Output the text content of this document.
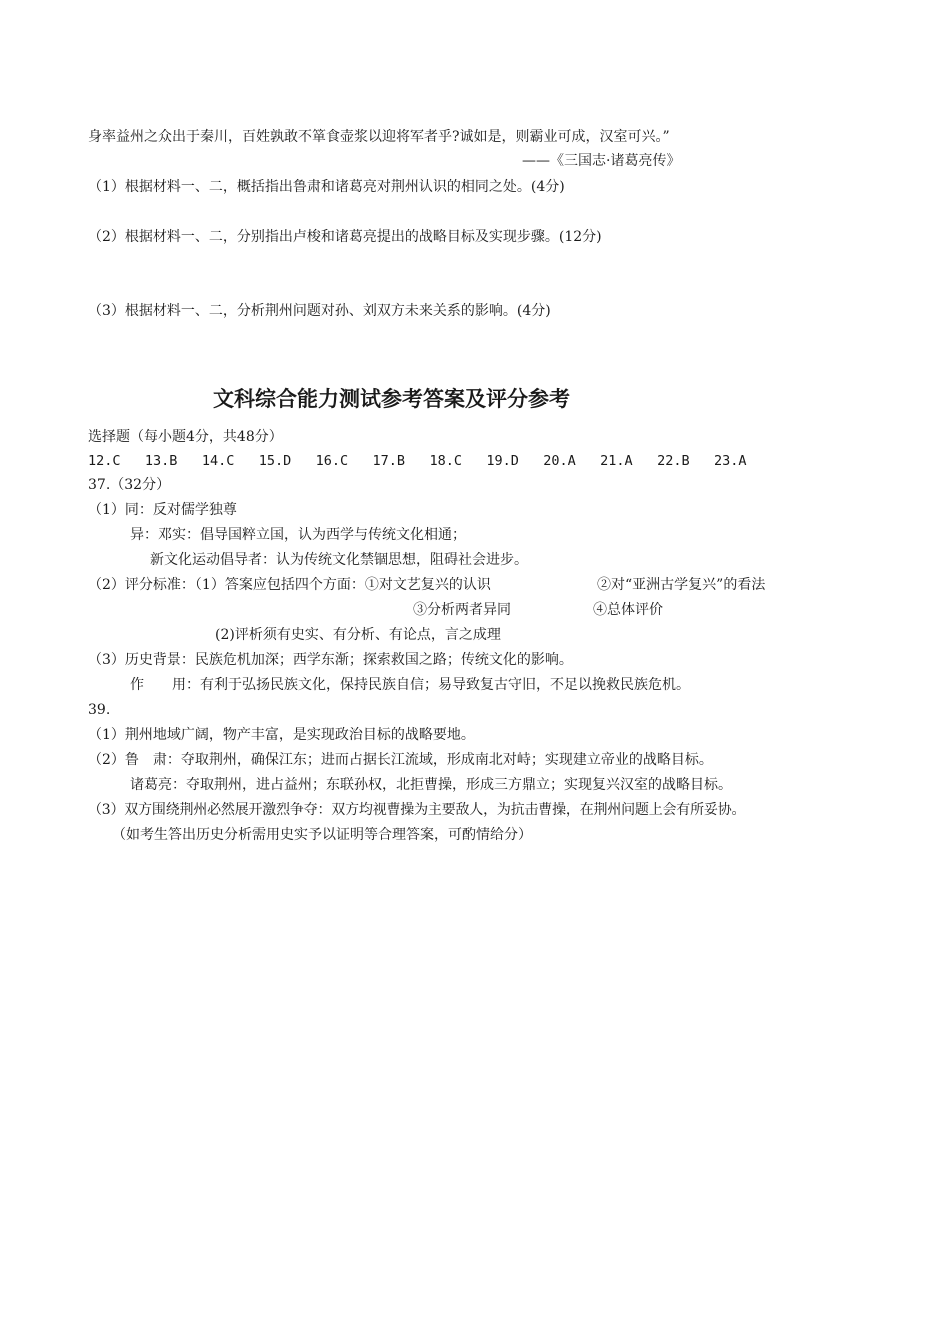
身率益州之众出于秦川，百姓孰敢不箪食壶浆以迎将军者乎?诚如是，则霸业可成，汉室可兴。”
——《三国志·诸葛亮传》
（1）根据材料一、二，概括指出鲁肃和诸葛亮对荆州认识的相同之处。(4分)
（2）根据材料一、二，分别指出卢梭和诸葛亮提出的战略目标及实现步骤。(12分)
（3）根据材料一、二，分析荆州问题对孙、刘双方未来关系的影响。(4分)
文科综合能力测试参考答案及评分参考
选择题（每小题4分，共48分）
12.C 13.B 14.C 15.D 16.C 17.B 18.C 19.D 20.A 21.A 22.B 23.A
37.（32分）
（1）同：反对儒学独尊
异：邓实：倡导国粹立国，认为西学与传统文化相通；
新文化运动倡导者：认为传统文化禁锢思想，阻碍社会进步。
（2）评分标准：（1）答案应包括四个方面：①对文艺复兴的认识	②对“亚洲古学复兴”的看法
③分析两者异同	④总体评价
(2)评析须有史实、有分析、有论点，言之成理
（3）历史背景：民族危机加深；西学东渐；探索救国之路；传统文化的影响。
作　　用：有利于弘扬民族文化，保持民族自信；易导致复古守旧，不足以挽救民族危机。
39.
（1）荆州地域广阔，物产丰富，是实现政治目标的战略要地。
（2）鲁　肃：夺取荆州，确保江东；进而占据长江流域，形成南北对峙；实现建立帝业的战略目标。
诸葛亮：夺取荆州，进占益州；东联孙权，北拒曹操，形成三方鼎立；实现复兴汉室的战略目标。
（3）双方围绕荆州必然展开激烈争夺：双方均视曹操为主要敌人，为抗击曹操，在荆州问题上会有所妥协。
（如考生答出历史分析需用史实予以证明等合理答案，可酌情给分）
